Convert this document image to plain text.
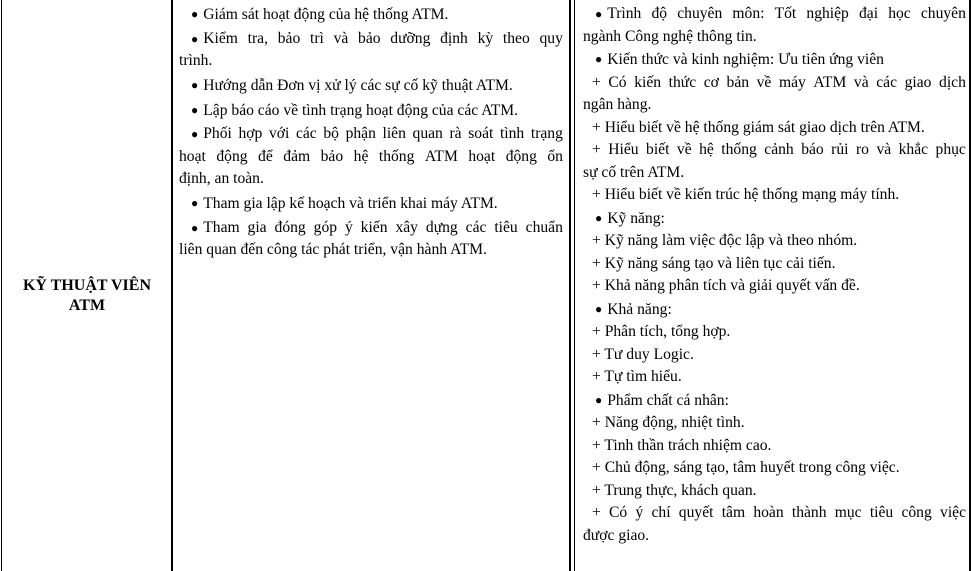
KỸ THUẬT VIÊN
ATM
● Giám sát hoạt động của hệ thống ATM.
● Kiểm tra, bảo trì và bảo dưỡng định kỳ theo quy
trình.
● Hướng dẫn Đơn vị xử lý các sự cố kỹ thuật ATM.
● Lập báo cáo về tình trạng hoạt động của các ATM.
● Phối hợp với các bộ phận liên quan rà soát tình trạng
hoạt động để đảm bảo hệ thống ATM hoạt động ổn
định, an toàn.
● Tham gia lập kế hoạch và triển khai máy ATM.
● Tham gia đóng góp ý kiến xây dựng các tiêu chuẩn
liên quan đến công tác phát triển, vận hành ATM.
● Trình độ chuyên môn: Tốt nghiệp đại học chuyên
ngành Công nghệ thông tin.
● Kiến thức và kinh nghiệm: Ưu tiên ứng viên
+ Có kiến thức cơ bản về máy ATM và các giao dịch
ngân hàng.
+ Hiểu biết về hệ thống giám sát giao dịch trên ATM.
+ Hiểu biết về hệ thống cảnh báo rủi ro và khắc phục
sự cố trên ATM.
+ Hiểu biết về kiến trúc hệ thống mạng máy tính.
● Kỹ năng:
+ Kỹ năng làm việc độc lập và theo nhóm.
+ Kỹ năng sáng tạo và liên tục cải tiến.
+ Khả năng phân tích và giải quyết vấn đề.
● Khả năng:
+ Phân tích, tổng hợp.
+ Tư duy Logic.
+ Tự tìm hiểu.
● Phẩm chất cá nhân:
+ Năng động, nhiệt tình.
+ Tinh thần trách nhiệm cao.
+ Chủ động, sáng tạo, tâm huyết trong công việc.
+ Trung thực, khách quan.
+ Có ý chí quyết tâm hoàn thành mục tiêu công việc
được giao.
